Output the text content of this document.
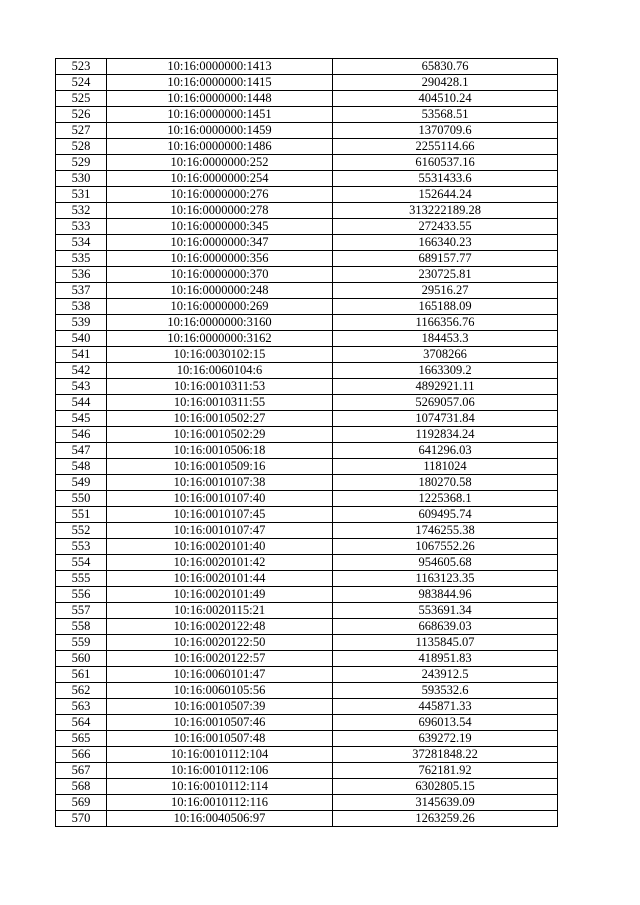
523	10:16:0000000:1413	65830.76
524	10:16:0000000:1415	290428.1
525	10:16:0000000:1448	404510.24
526	10:16:0000000:1451	53568.51
527	10:16:0000000:1459	1370709.6
528	10:16:0000000:1486	2255114.66
529	10:16:0000000:252	6160537.16
530	10:16:0000000:254	5531433.6
531	10:16:0000000:276	152644.24
532	10:16:0000000:278	313222189.28
533	10:16:0000000:345	272433.55
534	10:16:0000000:347	166340.23
535	10:16:0000000:356	689157.77
536	10:16:0000000:370	230725.81
537	10:16:0000000:248	29516.27
538	10:16:0000000:269	165188.09
539	10:16:0000000:3160	1166356.76
540	10:16:0000000:3162	184453.3
541	10:16:0030102:15	3708266
542	10:16:0060104:6	1663309.2
543	10:16:0010311:53	4892921.11
544	10:16:0010311:55	5269057.06
545	10:16:0010502:27	1074731.84
546	10:16:0010502:29	1192834.24
547	10:16:0010506:18	641296.03
548	10:16:0010509:16	1181024
549	10:16:0010107:38	180270.58
550	10:16:0010107:40	1225368.1
551	10:16:0010107:45	609495.74
552	10:16:0010107:47	1746255.38
553	10:16:0020101:40	1067552.26
554	10:16:0020101:42	954605.68
555	10:16:0020101:44	1163123.35
556	10:16:0020101:49	983844.96
557	10:16:0020115:21	553691.34
558	10:16:0020122:48	668639.03
559	10:16:0020122:50	1135845.07
560	10:16:0020122:57	418951.83
561	10:16:0060101:47	243912.5
562	10:16:0060105:56	593532.6
563	10:16:0010507:39	445871.33
564	10:16:0010507:46	696013.54
565	10:16:0010507:48	639272.19
566	10:16:0010112:104	37281848.22
567	10:16:0010112:106	762181.92
568	10:16:0010112:114	6302805.15
569	10:16:0010112:116	3145639.09
570	10:16:0040506:97	1263259.26
